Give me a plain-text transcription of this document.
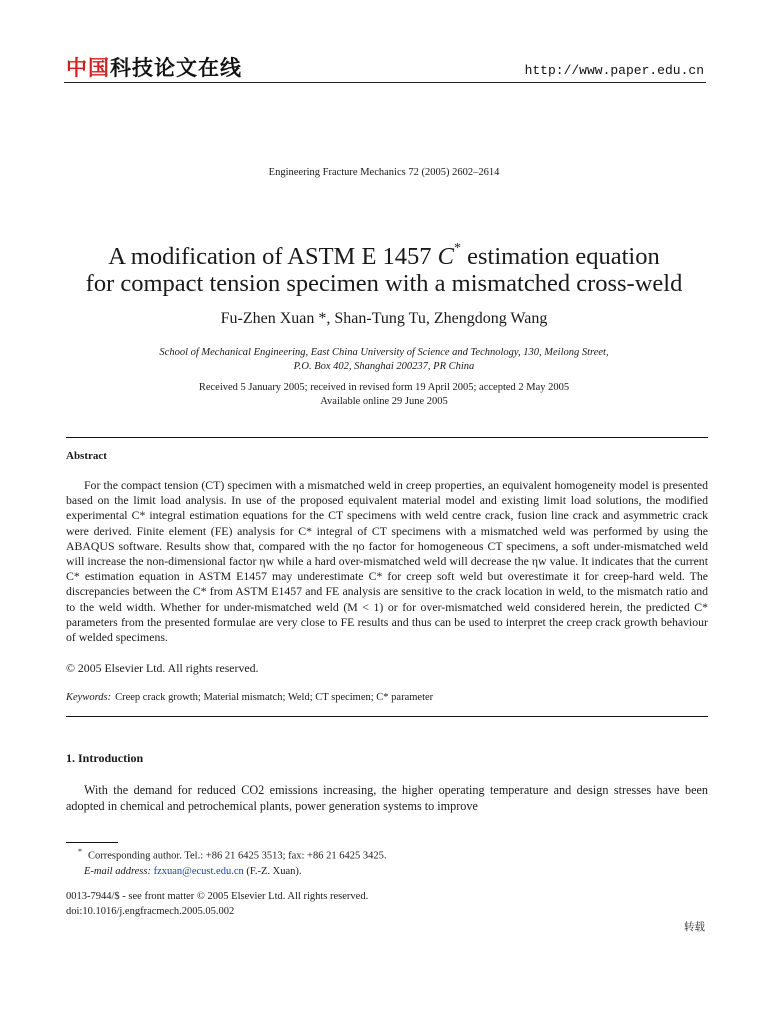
中国科技论文在线	http://www.paper.edu.cn
Engineering Fracture Mechanics 72 (2005) 2602–2614
A modification of ASTM E 1457 C* estimation equation
for compact tension specimen with a mismatched cross-weld
Fu-Zhen Xuan *, Shan-Tung Tu, Zhengdong Wang
School of Mechanical Engineering, East China University of Science and Technology, 130, Meilong Street,
P.O. Box 402, Shanghai 200237, PR China
Received 5 January 2005; received in revised form 19 April 2005; accepted 2 May 2005
Available online 29 June 2005
Abstract
For the compact tension (CT) specimen with a mismatched weld in creep properties, an equivalent homogeneity model is presented based on the limit load analysis. In use of the proposed equivalent material model and existing limit load solutions, the modified experimental C* integral estimation equations for the CT specimens with weld centre crack, fusion line crack and asymmetric crack were derived. Finite element (FE) analysis for C* integral of CT specimens with a mismatched weld was performed by using the ABAQUS software. Results show that, compared with the ηo factor for homogeneous CT specimens, a soft under-mismatched weld will increase the non-dimensional factor ηw while a hard over-mismatched weld will decrease the ηw value. It indicates that the current C* estimation equation in ASTM E1457 may underestimate C* for creep soft weld but overestimate it for creep-hard weld. The discrepancies between the C* from ASTM E1457 and FE analysis are sensitive to the crack location in weld, to the mismatch ratio and to the weld width. Whether for under-mismatched weld (M < 1) or for over-mismatched weld considered herein, the predicted C* parameters from the presented formulae are very close to FE results and thus can be used to interpret the creep crack growth behaviour of welded specimens.
© 2005 Elsevier Ltd. All rights reserved.
Keywords: Creep crack growth; Material mismatch; Weld; CT specimen; C* parameter
1. Introduction
With the demand for reduced CO2 emissions increasing, the higher operating temperature and design stresses have been adopted in chemical and petrochemical plants, power generation systems to improve
* Corresponding author. Tel.: +86 21 6425 3513; fax: +86 21 6425 3425.
E-mail address: fzxuan@ecust.edu.cn (F.-Z. Xuan).
0013-7944/$ - see front matter © 2005 Elsevier Ltd. All rights reserved.
doi:10.1016/j.engfracmech.2005.05.002
转载
